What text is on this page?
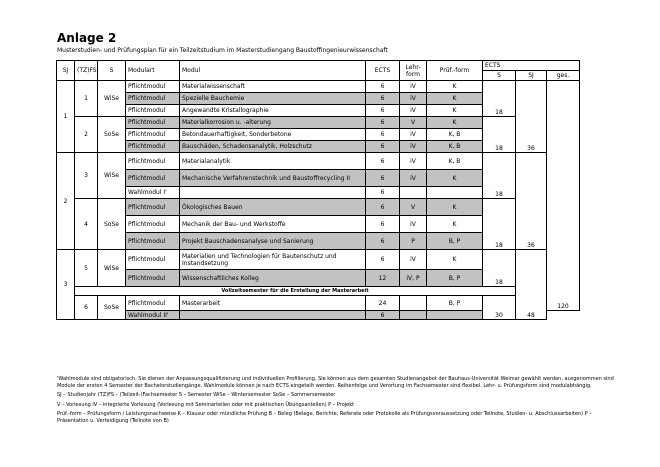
Anlage 2
Musterstudien- und Prüfungsplan für ein Teilzeitstudium im Masterstudiengang Baustoffingenieurwissenschaft
SJ	(TZ)FS	S	Modulart	Modul	ECTS	Lehr-form	Prüf.-form	ECTS		
								S	SJ	ges.
1	1	WiSe	Pflichtmodul	Materialwissenschaft	6	iV	K	18	36	120
			Pflichtmodul	Spezielle Bauchemie	6	iV	K			
			Pflichtmodul	Angewandte Kristallographie	6	iV	K			
	2	SoSe	Pflichtmodul	Materialkorrosion u. -alterung	6	V	K	18		
			Pflichtmodul	Betondauerhaftigkeit, Sonderbetone	6	iV	K, B			
			Pflichtmodul	Bauschäden, Schadensanalytik, Holzschutz	6	iV	K, B			
2	3	WiSe	Pflichtmodul	Materialanalytik	6	iV	K, B	18	36	
			Pflichtmodul	Mechanische Verfahrenstechnik und Baustoffrecycling II	6	iV	K			
			Wahlmodul I'		6					
	4	SoSe	Pflichtmodul	Ökologisches Bauen	6	V	K	18		
			Pflichtmodul	Mechanik der Bau- und Werkstoffe	6	iV	K			
			Pflichtmodul	Projekt Bauschadensanalyse und Sanierung	6	P	B, P			
3	5	WiSe	Pflichtmodul	Materialien und Technologien für Bautenschutz und Instandsetzung	6	iV	K	18	48	
			Pflichtmodul	Wissenschaftliches Kolleg	12	iV, P	B, P			
	Vollzeitsemester für die Erstellung der Masterarbeit									
	6	SoSe	Pflichtmodul	Masterarbeit	24		B, P	30		
			Wahlmodul II'		6					

'Wahlmodule sind obligatorisch. Sie dienen der Anpassungsqualifizierung und individuellen Profilierung. Sie können aus dem gesamten Studienangebot der Bauhaus-Universität Weimar gewählt werden, ausgenommen sind Module der ersten 4 Semester der Bachelorstudiengänge. Wahlmodule können je nach ECTS eingeteilt werden. Reihenfolge und Verortung im Fachsemester sind flexibel. Lehr- u. Prüfungsform sind modulabhängig.

SJ – Studienjahr (TZ)FS – (Teilzeit-)Fachsemester S – Semester WiSe – Wintersemester SoSe – Sommersemester

V – Vorlesung iV – integrierte Vorlesung (Vorlesung mit Seminarteilen oder mit praktischen Übungsanteilen) P – Projekt

Prüf.-form – Prüfungsform / Leistungsnachweise K – Klausur oder mündliche Prüfung B – Beleg (Belege, Berichte, Referate oder Protokolle als Prüfungsvoraussetzung oder Teilnote, Studien- u. Abschlussarbeiten) P – Präsentation u. Verteidigung (Teilnote von B)
